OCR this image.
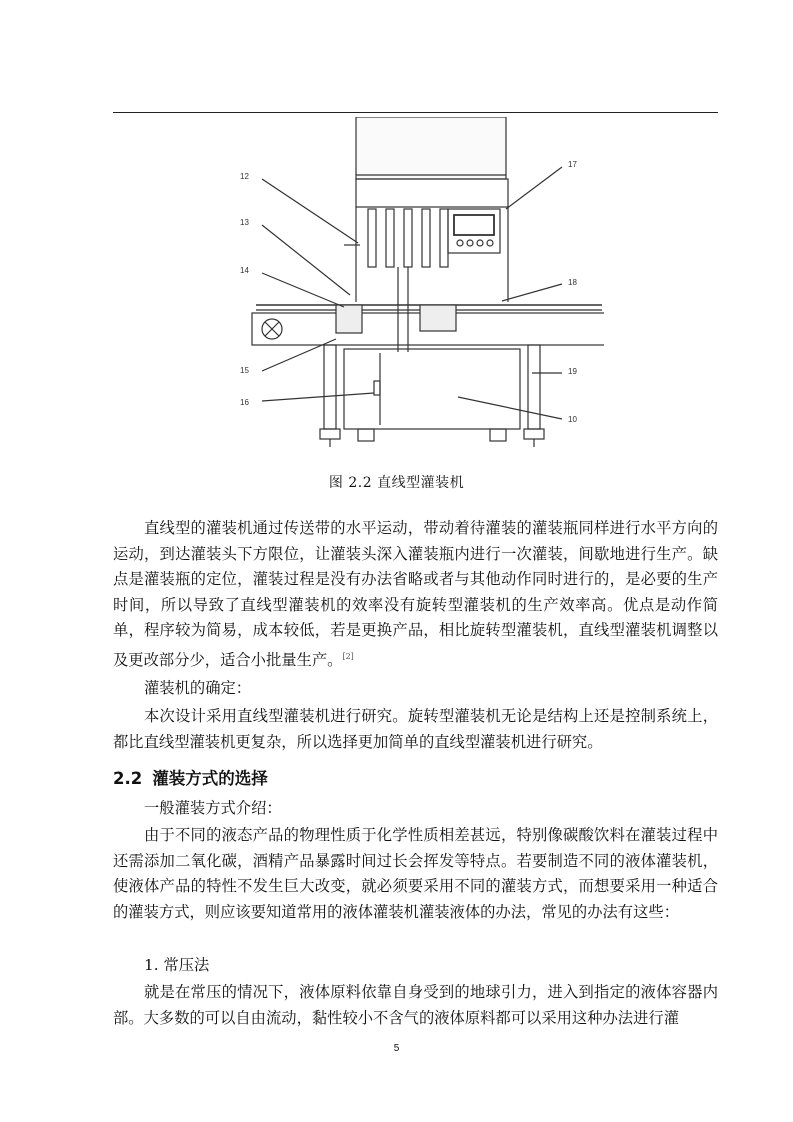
12
13
14
15
16
17
18
19
10
图 2.2 直线型灌装机

直线型的灌装机通过传送带的水平运动，带动着待灌装的灌装瓶同样进行水平方向的运动，到达灌装头下方限位，让灌装头深入灌装瓶内进行一次灌装，间歇地进行生产。缺点是灌装瓶的定位，灌装过程是没有办法省略或者与其他动作同时进行的，是必要的生产时间，所以导致了直线型灌装机的效率没有旋转型灌装机的生产效率高。优点是动作简单，程序较为简易，成本较低，若是更换产品，相比旋转型灌装机，直线型灌装机调整以及更改部分少，适合小批量生产。[2]

灌装机的确定：

本次设计采用直线型灌装机进行研究。旋转型灌装机无论是结构上还是控制系统上，都比直线型灌装机更复杂，所以选择更加简单的直线型灌装机进行研究。

2.2 灌装方式的选择

一般灌装方式介绍：

由于不同的液态产品的物理性质于化学性质相差甚远，特别像碳酸饮料在灌装过程中还需添加二氧化碳，酒精产品暴露时间过长会挥发等特点。若要制造不同的液体灌装机，使液体产品的特性不发生巨大改变，就必须要采用不同的灌装方式，而想要采用一种适合的灌装方式，则应该要知道常用的液体灌装机灌装液体的办法，常见的办法有这些：

1. 常压法

就是在常压的情况下，液体原料依靠自身受到的地球引力，进入到指定的液体容器内部。大多数的可以自由流动，黏性较小不含气的液体原料都可以采用这种办法进行灌

5
